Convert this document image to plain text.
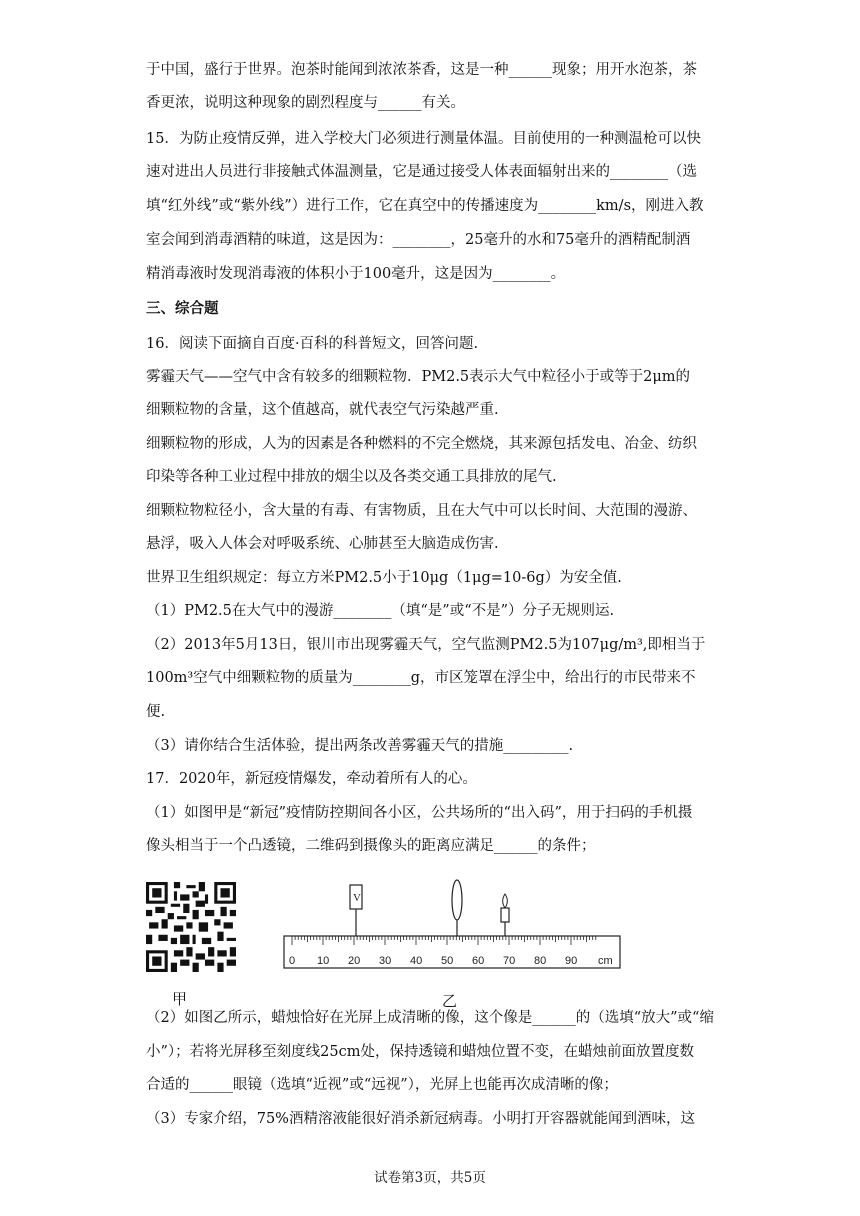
于中国，盛行于世界。泡茶时能闻到浓浓茶香，这是一种______现象；用开水泡茶，茶
香更浓，说明这种现象的剧烈程度与______有关。
15．为防止疫情反弹，进入学校大门必须进行测量体温。目前使用的一种测温枪可以快
速对进出人员进行非接触式体温测量，它是通过接受人体表面辐射出来的________（选
填“红外线”或“紫外线”）进行工作，它在真空中的传播速度为________km/s，刚进入教
室会闻到消毒酒精的味道，这是因为：________，25毫升的水和75毫升的酒精配制酒
精消毒液时发现消毒液的体积小于100毫升，这是因为________。
三、综合题
16．阅读下面摘自百度·百科的科普短文，回答问题.
雾霾天气——空气中含有较多的细颗粒物．PM2.5表示大气中粒径小于或等于2μm的
细颗粒物的含量，这个值越高，就代表空气污染越严重.
细颗粒物的形成，人为的因素是各种燃料的不完全燃烧，其来源包括发电、冶金、纺织
印染等各种工业过程中排放的烟尘以及各类交通工具排放的尾气.
细颗粒物粒径小，含大量的有毒、有害物质，且在大气中可以长时间、大范围的漫游、
悬浮，吸入人体会对呼吸系统、心肺甚至大脑造成伤害.
世界卫生组织规定：每立方米PM2.5小于10μg（1μg=10-6g）为安全值.
（1）PM2.5在大气中的漫游________（填“是”或“不是”）分子无规则运.
（2）2013年5月13日，银川市出现雾霾天气，空气监测PM2.5为107μg/m³,即相当于
100m³空气中细颗粒物的质量为________g，市区笼罩在浮尘中，给出行的市民带来不
便.
（3）请你结合生活体验，提出两条改善雾霾天气的措施_________.
17．2020年，新冠疫情爆发，牵动着所有人的心。
（1）如图甲是“新冠”疫情防控期间各小区，公共场所的“出入码”，用于扫码的手机摄
像头相当于一个凸透镜，二维码到摄像头的距离应满足______的条件；
（2）如图乙所示，蜡烛恰好在光屏上成清晰的像，这个像是______的（选填“放大”或“缩
小”）；若将光屏移至刻度线25cm处，保持透镜和蜡烛位置不变，在蜡烛前面放置度数
合适的______眼镜（选填“近视”或“远视”），光屏上也能再次成清晰的像；
（3）专家介绍，75%酒精溶液能很好消杀新冠病毒。小明打开容器就能闻到酒味，这
V
0 10 20 30 40 50 60 70 80 90 cm
甲	乙
试卷第3页，共5页
